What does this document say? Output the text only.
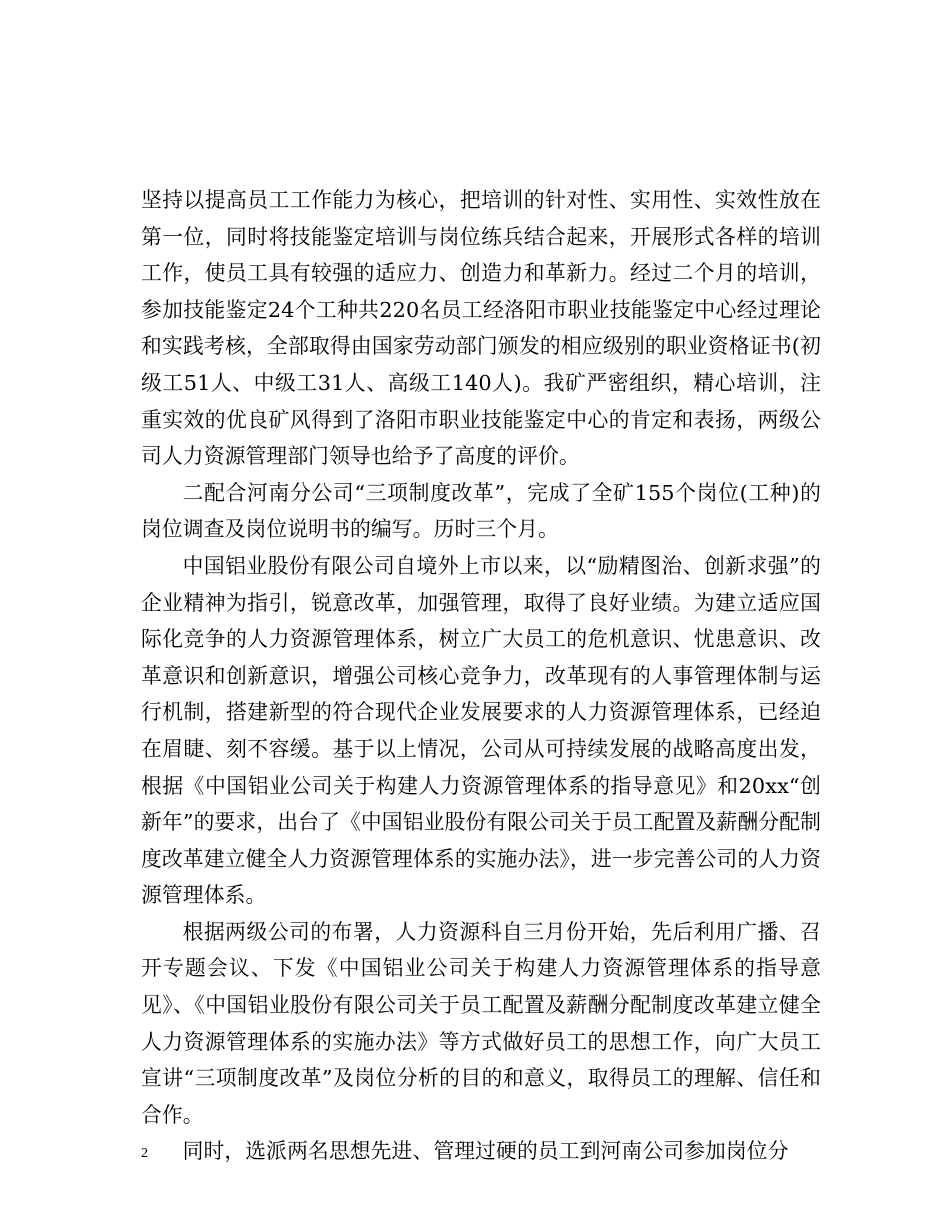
坚持以提高员工工作能力为核心，把培训的针对性、实用性、实效性放在第一位，同时将技能鉴定培训与岗位练兵结合起来，开展形式各样的培训工作，使员工具有较强的适应力、创造力和革新力。经过二个月的培训，参加技能鉴定24个工种共220名员工经洛阳市职业技能鉴定中心经过理论和实践考核，全部取得由国家劳动部门颁发的相应级别的职业资格证书(初级工51人、中级工31人、高级工140人)。我矿严密组织，精心培训，注重实效的优良矿风得到了洛阳市职业技能鉴定中心的肯定和表扬，两级公司人力资源管理部门领导也给予了高度的评价。

二配合河南分公司“三项制度改革”，完成了全矿155个岗位(工种)的岗位调查及岗位说明书的编写。历时三个月。

中国铝业股份有限公司自境外上市以来，以“励精图治、创新求强”的企业精神为指引，锐意改革，加强管理，取得了良好业绩。为建立适应国际化竞争的人力资源管理体系，树立广大员工的危机意识、忧患意识、改革意识和创新意识，增强公司核心竞争力，改革现有的人事管理体制与运行机制，搭建新型的符合现代企业发展要求的人力资源管理体系，已经迫在眉睫、刻不容缓。基于以上情况，公司从可持续发展的战略高度出发，根据《中国铝业公司关于构建人力资源管理体系的指导意见》和20xx“创新年”的要求，出台了《中国铝业股份有限公司关于员工配置及薪酬分配制度改革建立健全人力资源管理体系的实施办法》，进一步完善公司的人力资源管理体系。

根据两级公司的布署，人力资源科自三月份开始，先后利用广播、召开专题会议、下发《中国铝业公司关于构建人力资源管理体系的指导意见》、《中国铝业股份有限公司关于员工配置及薪酬分配制度改革建立健全人力资源管理体系的实施办法》等方式做好员工的思想工作，向广大员工宣讲“三项制度改革”及岗位分析的目的和意义，取得员工的理解、信任和合作。

同时，选派两名思想先进、管理过硬的员工到河南公司参加岗位分

2
